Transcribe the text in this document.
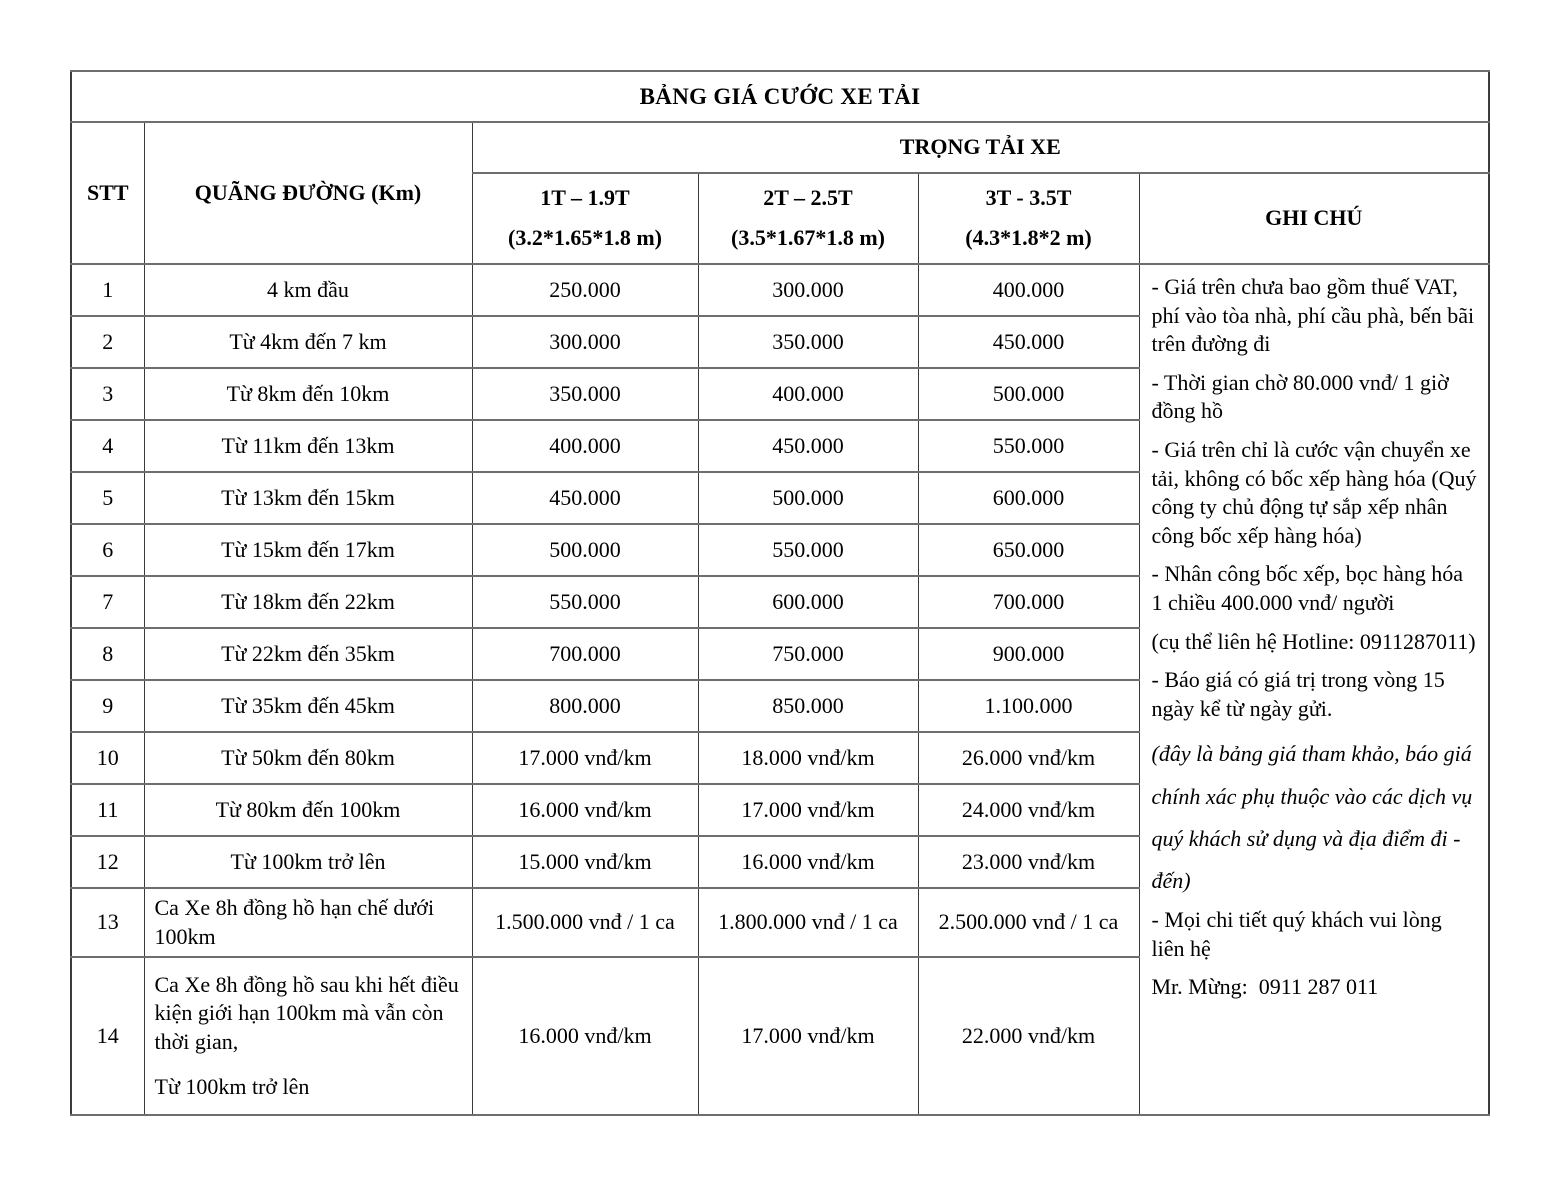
BẢNG GIÁ CƯỚC XE TẢI					
STT	QUÃNG ĐƯỜNG (Km)	TRỌNG TẢI XE			

1T – 1.9T
(3.2*1.65*1.8 m)

2T – 2.5T
(3.5*1.67*1.8 m)

3T - 3.5T
(4.3*1.8*2 m)
	GHI CHÚ
1	4 km đầu	250.000	300.000	400.000	- Giá trên chưa bao gồm thuế VAT, phí vào tòa nhà, phí cầu phà, bến bãi trên đường đi

- Thời gian chờ 80.000 vnđ/ 1 giờ đồng hồ

- Giá trên chỉ là cước vận chuyển xe tải, không có bốc xếp hàng hóa (Quý công ty chủ động tự sắp xếp nhân công bốc xếp hàng hóa)

- Nhân công bốc xếp, bọc hàng hóa 1 chiều 400.000 vnđ/ người

(cụ thể liên hệ Hotline: 0911287011)

- Báo giá có giá trị trong vòng 15 ngày kể từ ngày gửi.

(đây là bảng giá tham khảo, báo giá chính xác phụ thuộc vào các dịch vụ quý khách sử dụng và địa điểm đi - đến)

- Mọi chi tiết quý khách vui lòng liên hệ

Mr. Mừng:  0911 287 011

2	Từ 4km đến 7 km	300.000	350.000	450.000	
3	Từ 8km đến 10km	350.000	400.000	500.000	
4	Từ 11km đến 13km	400.000	450.000	550.000	
5	Từ 13km đến 15km	450.000	500.000	600.000	
6	Từ 15km đến 17km	500.000	550.000	650.000	
7	Từ 18km đến 22km	550.000	600.000	700.000	
8	Từ 22km đến 35km	700.000	750.000	900.000	
9	Từ 35km đến 45km	800.000	850.000	1.100.000	
10	Từ 50km đến 80km	17.000 vnđ/km	18.000 vnđ/km	26.000 vnđ/km	
11	Từ 80km đến 100km	16.000 vnđ/km	17.000 vnđ/km	24.000 vnđ/km	
12	Từ 100km trở lên	15.000 vnđ/km	16.000 vnđ/km	23.000 vnđ/km	
13	Ca Xe 8h đồng hồ hạn chế dưới 100km	1.500.000 vnđ / 1 ca	1.800.000 vnđ / 1 ca	2.500.000 vnđ / 1 ca	
14	Ca Xe 8h đồng hồ sau khi hết điều kiện giới hạn 100km mà vẫn còn thời gian,
Từ 100km trở lên	16.000 vnđ/km	17.000 vnđ/km	22.000 vnđ/km	
